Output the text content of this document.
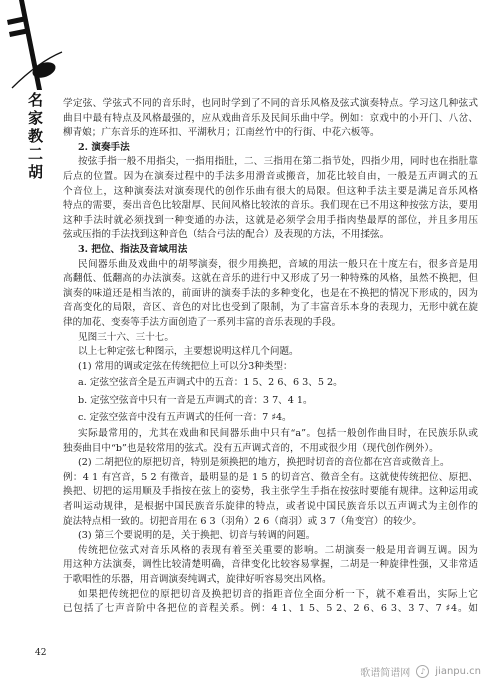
名家教二胡 学定弦、学弦式不同的音乐时，也同时学到了不同的音乐风格及弦式演奏特点。学习这几种弦式
曲目中最有特点及风格最强的，应从戏曲音乐及民间乐曲中学。例如：京戏中的小开门、八岔、
柳青娘；广东音乐的连环扣、平湖秋月；江南丝竹中的行街、中花六板等。
2. 演奏手法
按弦手指一般不用指尖，一指用指肚，二、三指用在第二指节处，四指少用，同时也在指肚靠
后点的位置。因为在演奏过程中的手法多用滑音或搬音，加花比较自由，一般是五声调式的五
个音位上，这种演奏法对演奏现代的创作乐曲有很大的局限。但这种手法主要是满足音乐风格
特点的需要，奏出音色比较甜厚、民间风格比较浓的音乐。我们现在已不用这种按弦方法，要用
这种手法时就必须找到一种变通的办法，这就是必须学会用手指肉垫最厚的部位，并且多用压
弦或压指的手法找到这种音色（结合弓法的配合）及表现的方法，不用揉弦。
3. 把位、指法及音域用法
民间器乐曲及戏曲中的胡琴演奏，很少用换把，音域的用法一般只在十度左右，很多音是用
高翻低、低翻高的办法演奏。这就在音乐的进行中又形成了另一种特殊的风格，虽然不换把，但
演奏的味道还是相当浓的，前面讲的演奏手法的多种变化，也是在不换把的情况下形成的，因为
音高变化的局限，音区、音色的对比也受到了限制，为了丰富音乐本身的表现力，无形中就在旋
律的加花、变奏等手法方面创造了一系列丰富的音乐表现的手段。
见图三十六、三十七。
以上七种定弦七种图示，主要想说明这样几个问题。
(1) 常用的调或定弦在传统把位上可以分3种类型：
a. 定弦空弦音全是五声调式中的五音：1 5、2 6、6 3、5 2。
b. 定弦空弦音中只有一音是五声调式的音：3 7、4 1。
c. 定弦空弦音中没有五声调式的任何一音：7 ♯4。
实际最常用的，尤其在戏曲和民间器乐曲中只有“a”。包括一般创作曲目时，在民族乐队或
独奏曲目中“b”也是较常用的弦式。没有五声调式音的，不用或很少用（现代创作例外）。
(2) 二胡把位的原把切音，特别是须换把的地方，换把时切音的音位都在宫音或徵音上。
例：4 1 有宫音，5 2 有徵音，最明显的是 1 5 的切音宫、徵音全有。这就使传统把位、原把、
换把、切把的运用顺及手指按在弦上的姿势，我主张学生手指在按弦时要能有规律。这种运用或
者叫运动规律，是根据中国民族音乐旋律的特点，或者说中国民族音乐以五声调式为主创作的
旋法特点相一致的。切把音用在 6 3（羽角）2 6（商羽）或 3 7（角变宫）的较少。
(3) 第三个要说明的是，关于换把、切音与转调的问题。
传统把位弦式对音乐风格的表现有着至关重要的影响。二胡演奏一般是用音调互调。因为
用这种方法演奏，调性比较清楚明确，音律变化比较容易掌握，二胡是一种旋律性强，又非常适
于歌唱性的乐器，用音调演奏纯调式，旋律好听容易突出风格。
如果把传统把位的原把切音及换把切音的指距音位全面分析一下，就不难看出，实际上它
已包括了七声音阶中各把位的音程关系。例：4 1、1 5、5 2、2 6、6 3、3 7、7 ♯4。如
42
歌谱简谱网	♪ jianpu.cn
